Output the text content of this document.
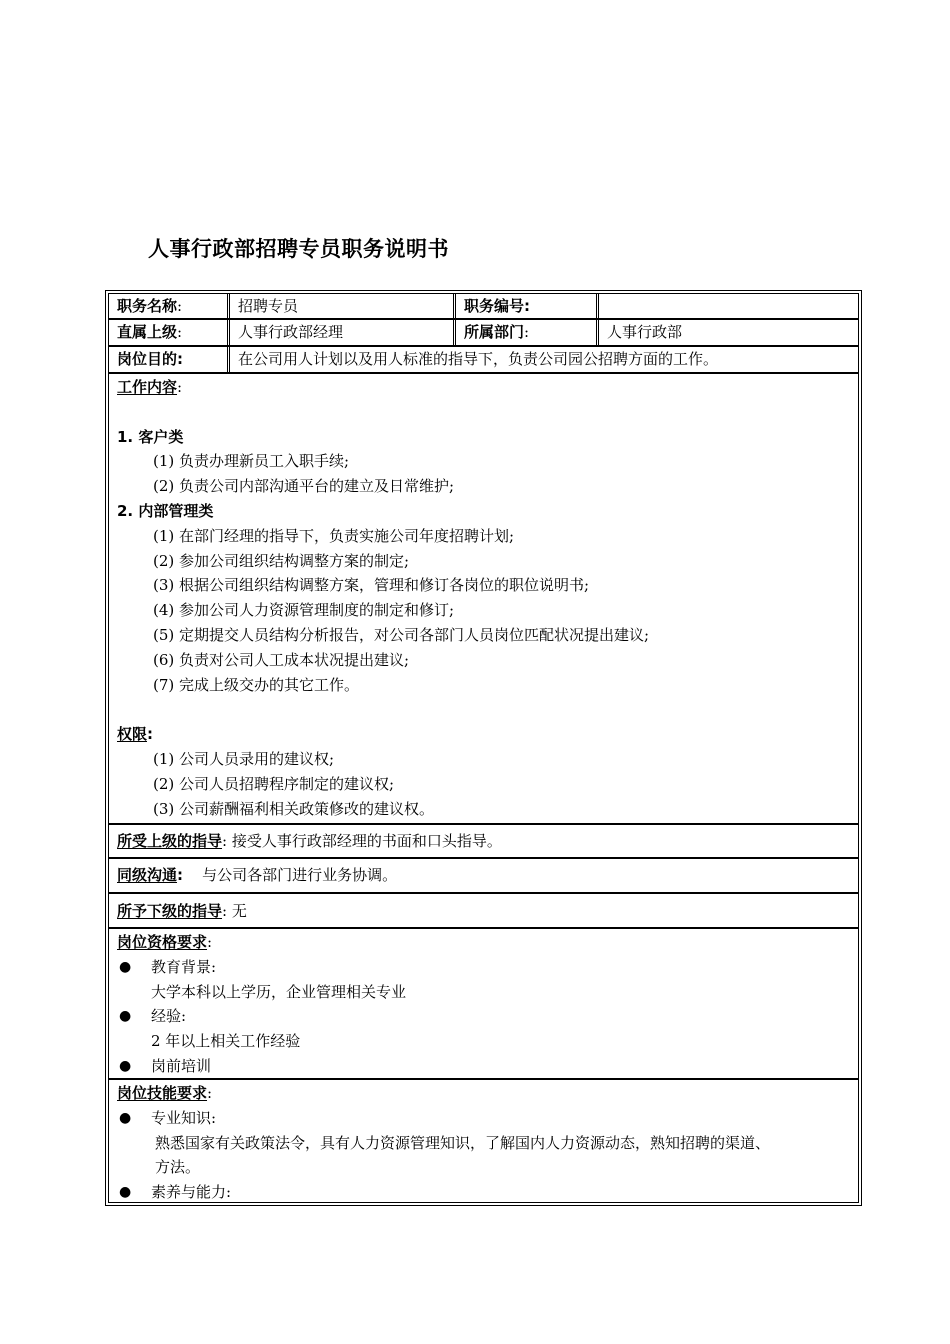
人事行政部招聘专员职务说明书
职务名称:	招聘专员	职务编号:
直属上级:	人事行政部经理	所属部门:	人事行政部
岗位目的:	在公司用人计划以及用人标准的指导下，负责公司园公招聘方面的工作。
工作内容:
1. 客户类
(1) 负责办理新员工入职手续;
(2) 负责公司内部沟通平台的建立及日常维护;
2. 内部管理类
(1) 在部门经理的指导下，负责实施公司年度招聘计划;
(2) 参加公司组织结构调整方案的制定;
(3) 根据公司组织结构调整方案，管理和修订各岗位的职位说明书;
(4) 参加公司人力资源管理制度的制定和修订;
(5) 定期提交人员结构分析报告，对公司各部门人员岗位匹配状况提出建议;
(6) 负责对公司人工成本状况提出建议;
(7) 完成上级交办的其它工作。
权限:
(1) 公司人员录用的建议权;
(2) 公司人员招聘程序制定的建议权;
(3) 公司薪酬福利相关政策修改的建议权。
所受上级的指导: 接受人事行政部经理的书面和口头指导。
同级沟通: 与公司各部门进行业务协调。
所予下级的指导: 无
岗位资格要求:
● 教育背景:
大学本科以上学历，企业管理相关专业
● 经验:
2 年以上相关工作经验
● 岗前培训
岗位技能要求:
● 专业知识:
熟悉国家有关政策法令，具有人力资源管理知识，了解国内人力资源动态，熟知招聘的渠道、
方法。
● 素养与能力:
